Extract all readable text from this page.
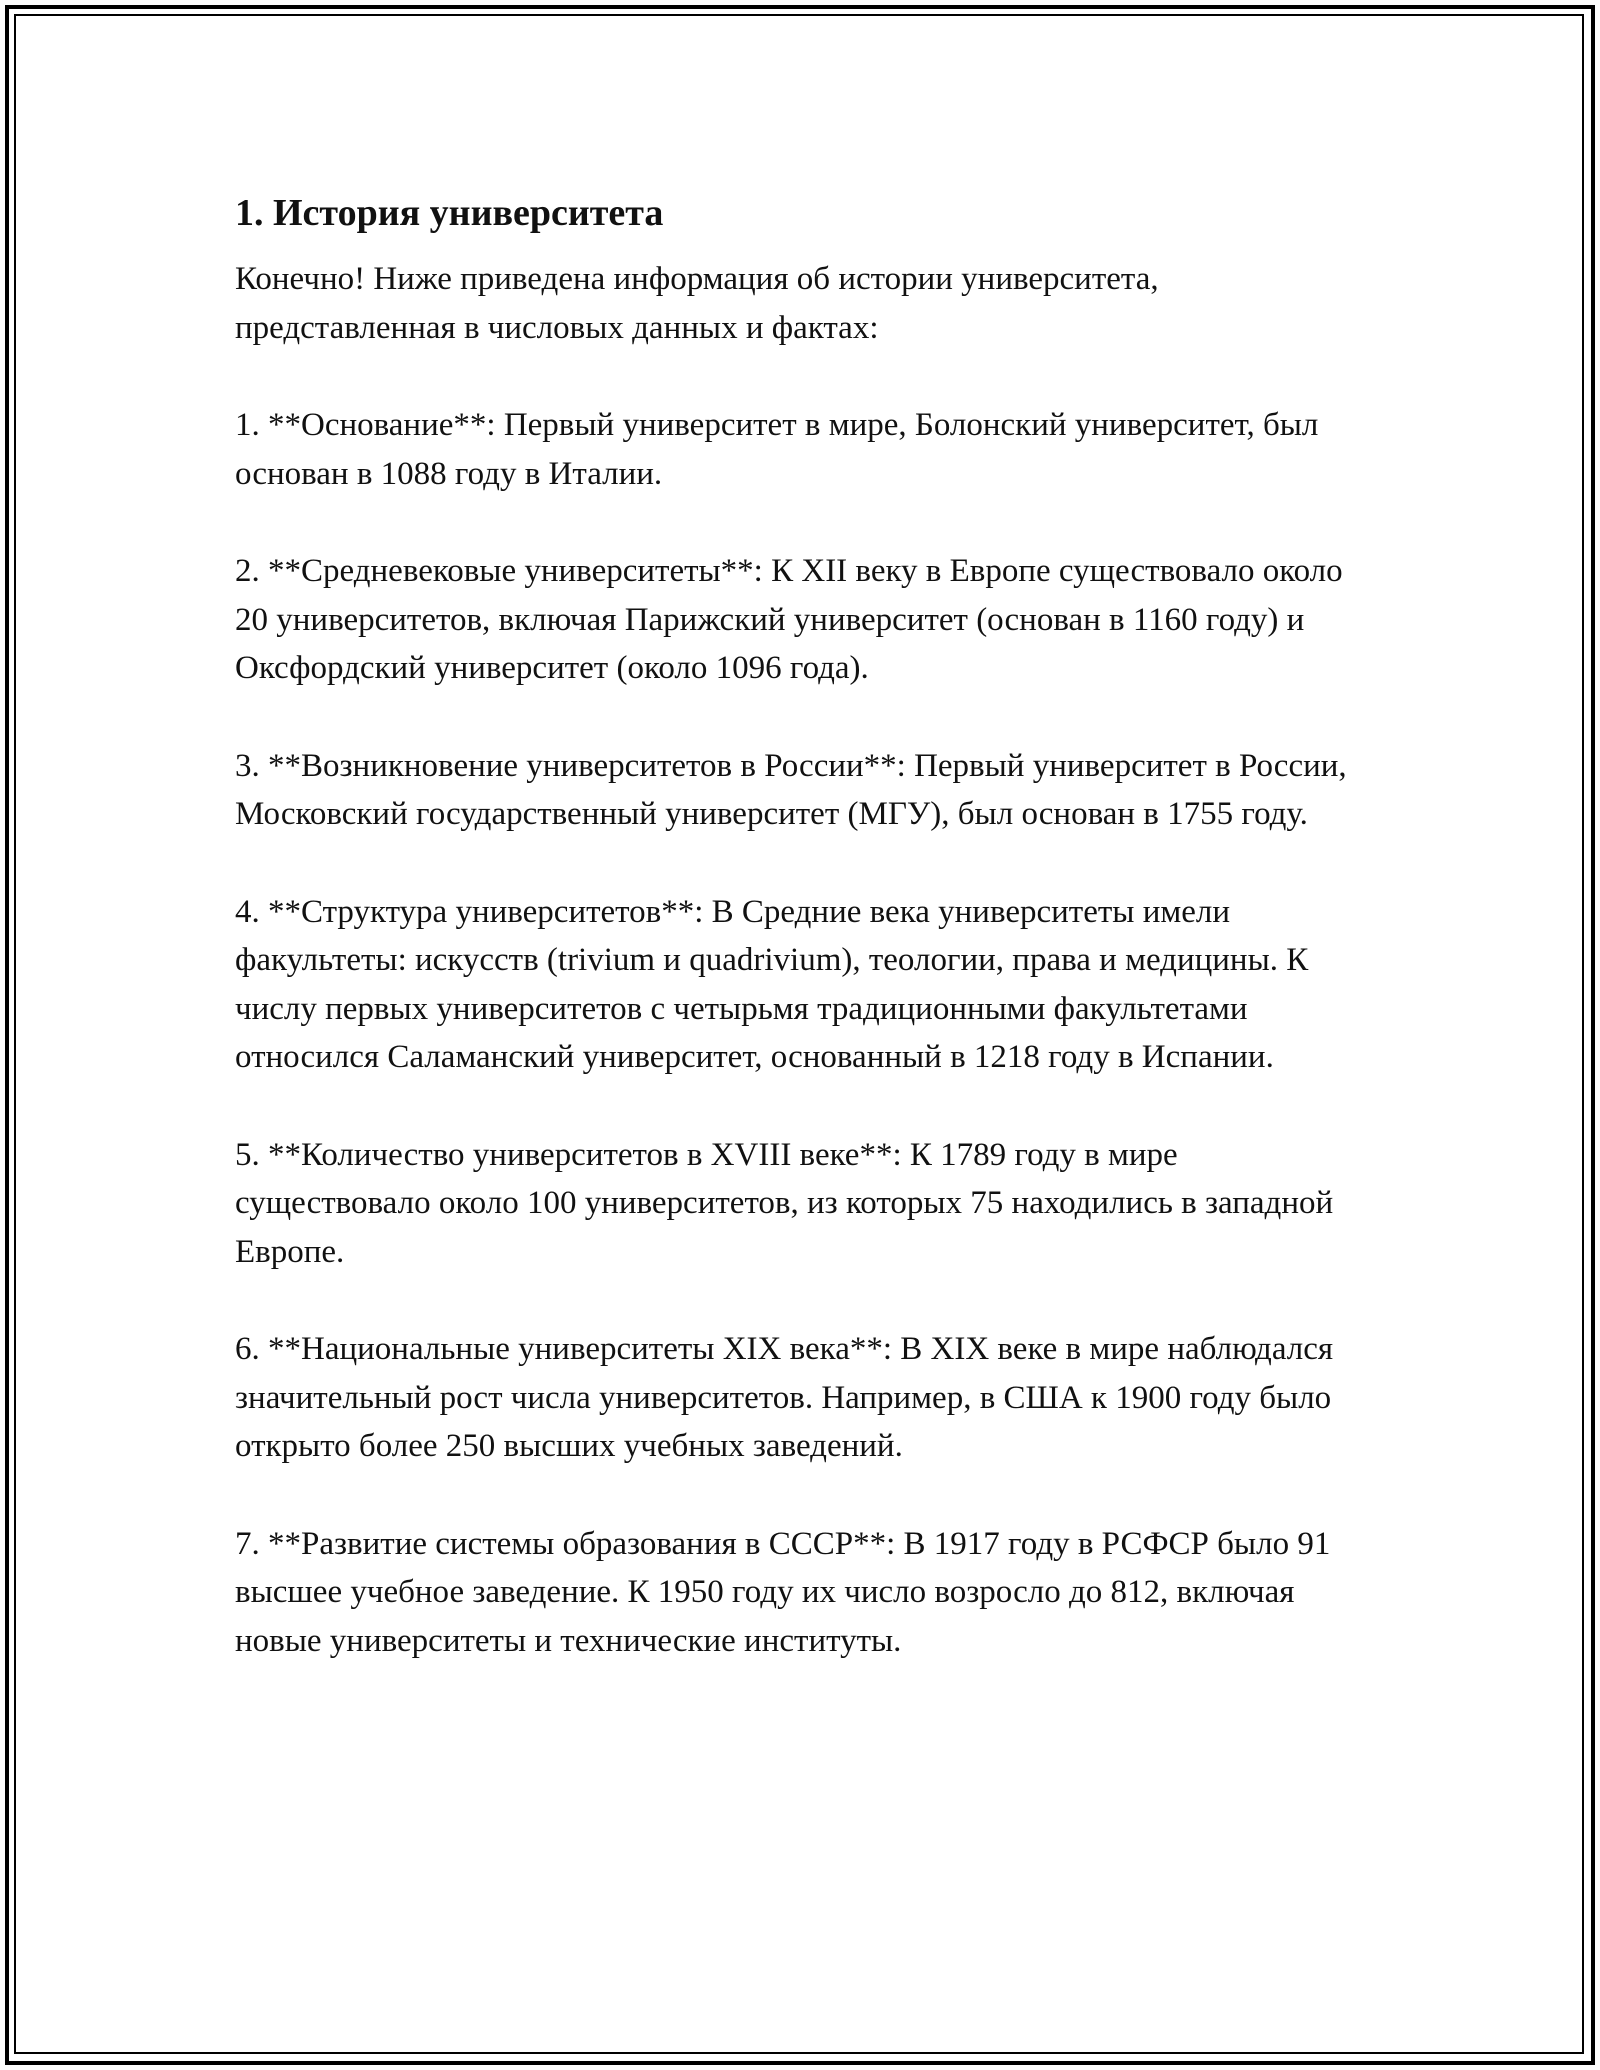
1. История университета

Конечно! Ниже приведена информация об истории университета, представленная в числовых данных и фактах:

1. **Основание**: Первый университет в мире, Болонский университет, был основан в 1088 году в Италии.

2. **Средневековые университеты**: К XII веку в Европе существовало около 20 университетов, включая Парижский университет (основан в 1160 году) и Оксфордский университет (около 1096 года).

3. **Возникновение университетов в России**: Первый университет в России, Московский государственный университет (МГУ), был основан в 1755 году.

4. **Структура университетов**: В Средние века университеты имели факультеты: искусств (trivium и quadrivium), теологии, права и медицины. К числу первых университетов с четырьмя традиционными факультетами относился Саламанский университет, основанный в 1218 году в Испании.

5. **Количество университетов в XVIII веке**: К 1789 году в мире существовало около 100 университетов, из которых 75 находились в западной Европе.

6. **Национальные университеты XIX века**: В XIX веке в мире наблюдался значительный рост числа университетов. Например, в США к 1900 году было открыто более 250 высших учебных заведений.

7. **Развитие системы образования в СССР**: В 1917 году в РСФСР было 91 высшее учебное заведение. К 1950 году их число возросло до 812, включая новые университеты и технические институты.
